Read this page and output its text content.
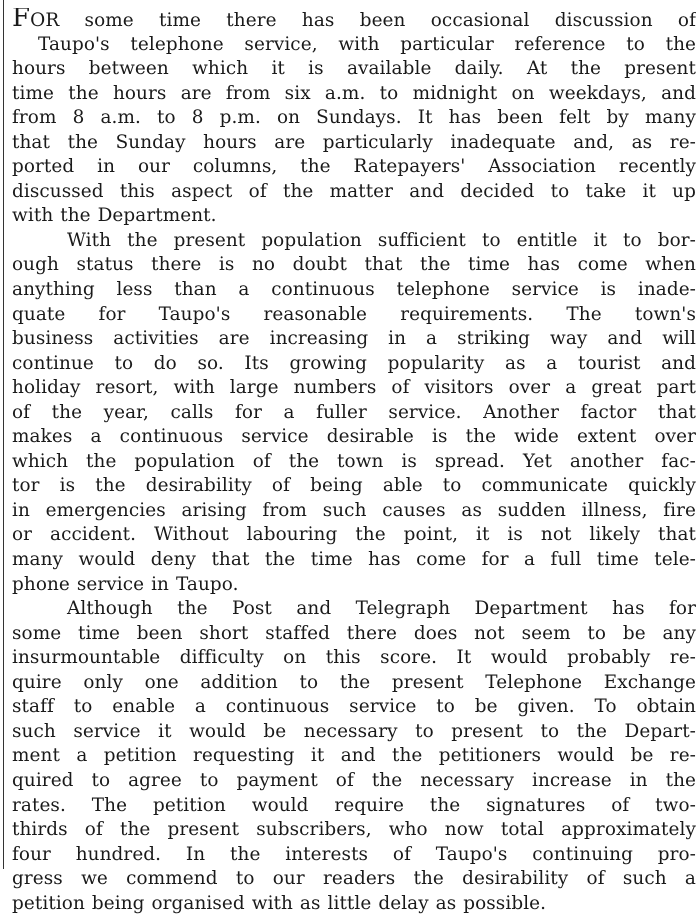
FOR some time there has been occasional discussion of
Taupo's telephone service, with particular reference to the
hours between which it is available daily. At the present
time the hours are from six a.m. to midnight on weekdays, and
from 8 a.m. to 8 p.m. on Sundays. It has been felt by many
that the Sunday hours are particularly inadequate and, as re-
ported in our columns, the Ratepayers' Association recently
discussed this aspect of the matter and decided to take it up
with the Department.
With the present population sufficient to entitle it to bor-
ough status there is no doubt that the time has come when
anything less than a continuous telephone service is inade-
quate for Taupo's reasonable requirements. The town's
business activities are increasing in a striking way and will
continue to do so. Its growing popularity as a tourist and
holiday resort, with large numbers of visitors over a great part
of the year, calls for a fuller service. Another factor that
makes a continuous service desirable is the wide extent over
which the population of the town is spread. Yet another fac-
tor is the desirability of being able to communicate quickly
in emergencies arising from such causes as sudden illness, fire
or accident. Without labouring the point, it is not likely that
many would deny that the time has come for a full time tele-
phone service in Taupo.
Although the Post and Telegraph Department has for
some time been short staffed there does not seem to be any
insurmountable difficulty on this score. It would probably re-
quire only one addition to the present Telephone Exchange
staff to enable a continuous service to be given. To obtain
such service it would be necessary to present to the Depart-
ment a petition requesting it and the petitioners would be re-
quired to agree to payment of the necessary increase in the
rates. The petition would require the signatures of two-
thirds of the present subscribers, who now total approximately
four hundred. In the interests of Taupo's continuing pro-
gress we commend to our readers the desirability of such a
petition being organised with as little delay as possible.
